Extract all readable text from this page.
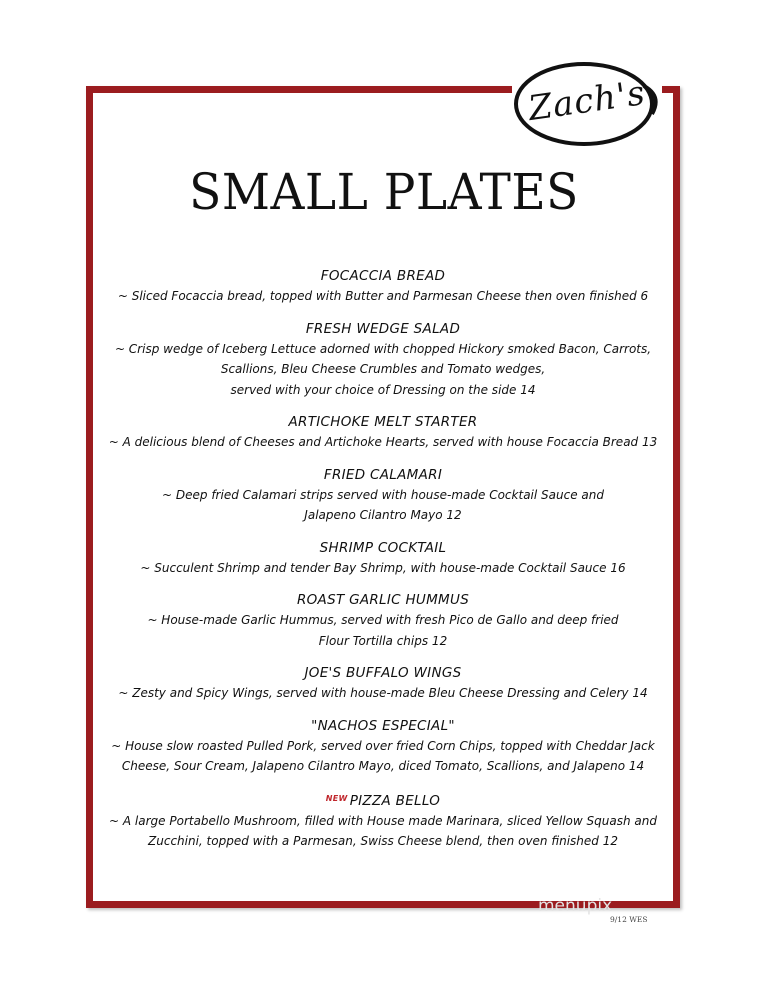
Zach's
SMALL PLATES
FOCACCIA BREAD
~ Sliced Focaccia bread, topped with Butter and Parmesan Cheese then oven finished 6
FRESH WEDGE SALAD
~ Crisp wedge of Iceberg Lettuce adorned with chopped Hickory smoked Bacon, Carrots,
Scallions, Bleu Cheese Crumbles and Tomato wedges,
served with your choice of Dressing on the side 14
ARTICHOKE MELT STARTER
~ A delicious blend of Cheeses and Artichoke Hearts, served with house Focaccia Bread 13
FRIED CALAMARI
~ Deep fried Calamari strips served with house-made Cocktail Sauce and
Jalapeno Cilantro Mayo 12
SHRIMP COCKTAIL
~ Succulent Shrimp and tender Bay Shrimp, with house-made Cocktail Sauce 16
ROAST GARLIC HUMMUS
~ House-made Garlic Hummus, served with fresh Pico de Gallo and deep fried
Flour Tortilla chips 12
JOE'S BUFFALO WINGS
~ Zesty and Spicy Wings, served with house-made Bleu Cheese Dressing and Celery 14
"NACHOS ESPECIAL"
~ House slow roasted Pulled Pork, served over fried Corn Chips, topped with Cheddar Jack
Cheese, Sour Cream, Jalapeno Cilantro Mayo, diced Tomato, Scallions, and Jalapeno 14
$^{NEW}$ PIZZA BELLO
~ A large Portabello Mushroom, filled with House made Marinara, sliced Yellow Squash and
Zucchini, topped with a Parmesan, Swiss Cheese blend, then oven finished 12
menupix
9/12 WES
